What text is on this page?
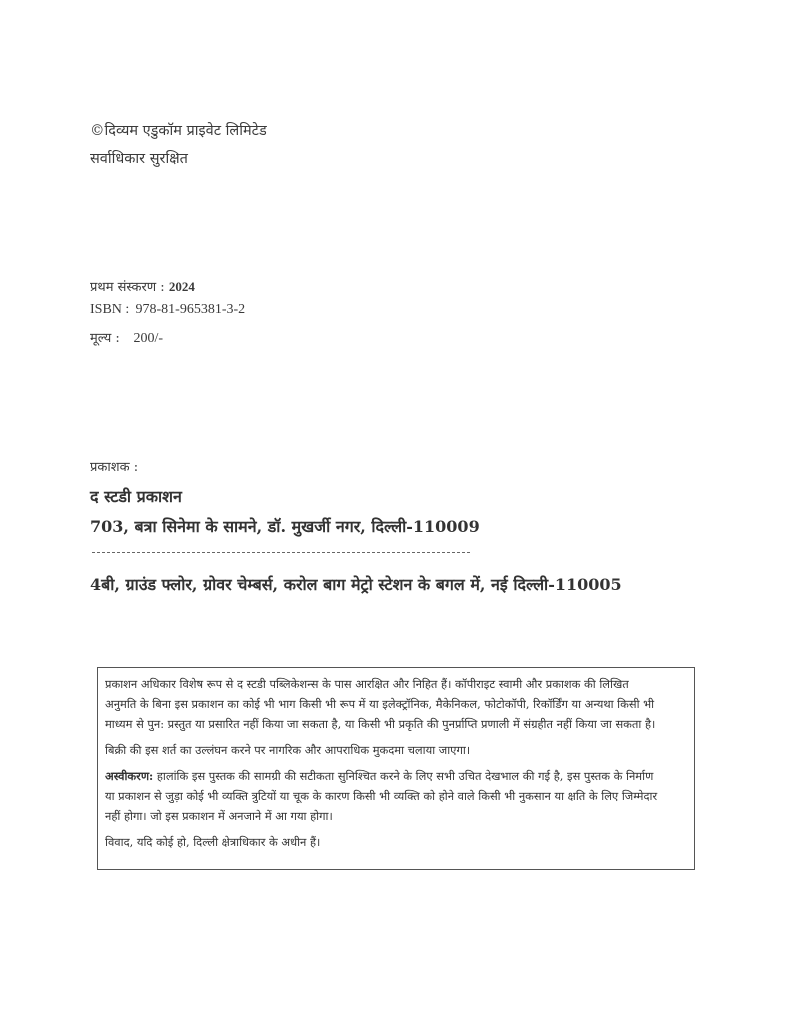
©दिव्यम एडुकॉम प्राइवेट लिमिटेड
सर्वाधिकार सुरक्षित
प्रथम संस्करण : 2024
ISBN : 978-81-965381-3-2
मूल्य : 200/-
प्रकाशक :
द स्टडी प्रकाशन
703, बत्रा सिनेमा के सामने, डॉ. मुखर्जी नगर, दिल्ली-110009
4बी, ग्राउंड फ्लोर, ग्रोवर चेम्बर्स, करोल बाग मेट्रो स्टेशन के बगल में, नई दिल्ली-110005

प्रकाशन अधिकार विशेष रूप से द स्टडी पब्लिकेशन्स के पास आरक्षित और निहित हैं। कॉपीराइट स्वामी और प्रकाशक की लिखित
अनुमति के बिना इस प्रकाशन का कोई भी भाग किसी भी रूप में या इलेक्ट्रॉनिक, मैकेनिकल, फोटोकॉपी, रिकॉर्डिंग या अन्यथा किसी भी
माध्यम से पुन: प्रस्तुत या प्रसारित नहीं किया जा सकता है, या किसी भी प्रकृति की पुनर्प्राप्ति प्रणाली में संग्रहीत नहीं किया जा सकता है।

बिक्री की इस शर्त का उल्लंघन करने पर नागरिक और आपराधिक मुकदमा चलाया जाएगा।

अस्वीकरण: हालांकि इस पुस्तक की सामग्री की सटीकता सुनिश्चित करने के लिए सभी उचित देखभाल की गई है, इस पुस्तक के निर्माण
या प्रकाशन से जुड़ा कोई भी व्यक्ति त्रुटियों या चूक के कारण किसी भी व्यक्ति को होने वाले किसी भी नुकसान या क्षति के लिए जिम्मेदार
नहीं होगा। जो इस प्रकाशन में अनजाने में आ गया होगा।

विवाद, यदि कोई हो, दिल्ली क्षेत्राधिकार के अधीन हैं।
